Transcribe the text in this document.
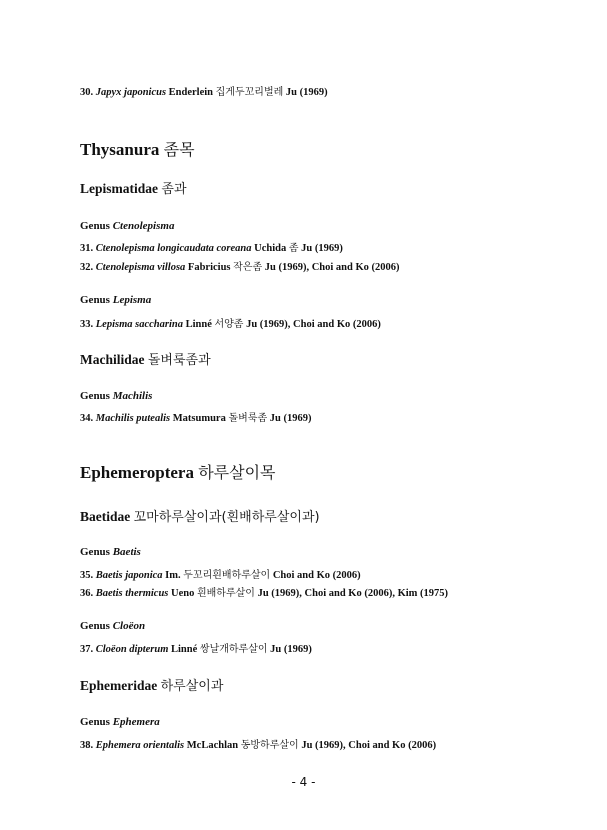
30. Japyx japonicus Enderlein 집게두꼬리벌레 Ju (1969)
Thysanura 좀목
Lepismatidae 좀과
Genus Ctenolepisma
31. Ctenolepisma longicaudata coreana Uchida 좀 Ju (1969)
32. Ctenolepisma villosa Fabricius 작은좀 Ju (1969), Choi and Ko (2006)
Genus Lepisma
33. Lepisma saccharina Linné 서양좀 Ju (1969), Choi and Ko (2006)
Machilidae 돌벼룩좀과
Genus Machilis
34. Machilis putealis Matsumura 돌벼룩좀 Ju (1969)
Ephemeroptera 하루살이목
Baetidae 꼬마하루살이과(흰배하루살이과)
Genus Baetis
35. Baetis japonica Im. 두꼬리흰배하루살이 Choi and Ko (2006)
36. Baetis thermicus Ueno 흰배하루살이 Ju (1969), Choi and Ko (2006), Kim (1975)
Genus Cloëon
37. Cloëon dipterum Linné 쌍날개하루살이 Ju (1969)
Ephemeridae 하루살이과
Genus Ephemera
38. Ephemera orientalis McLachlan 동방하루살이 Ju (1969), Choi and Ko (2006)
- 4 -
